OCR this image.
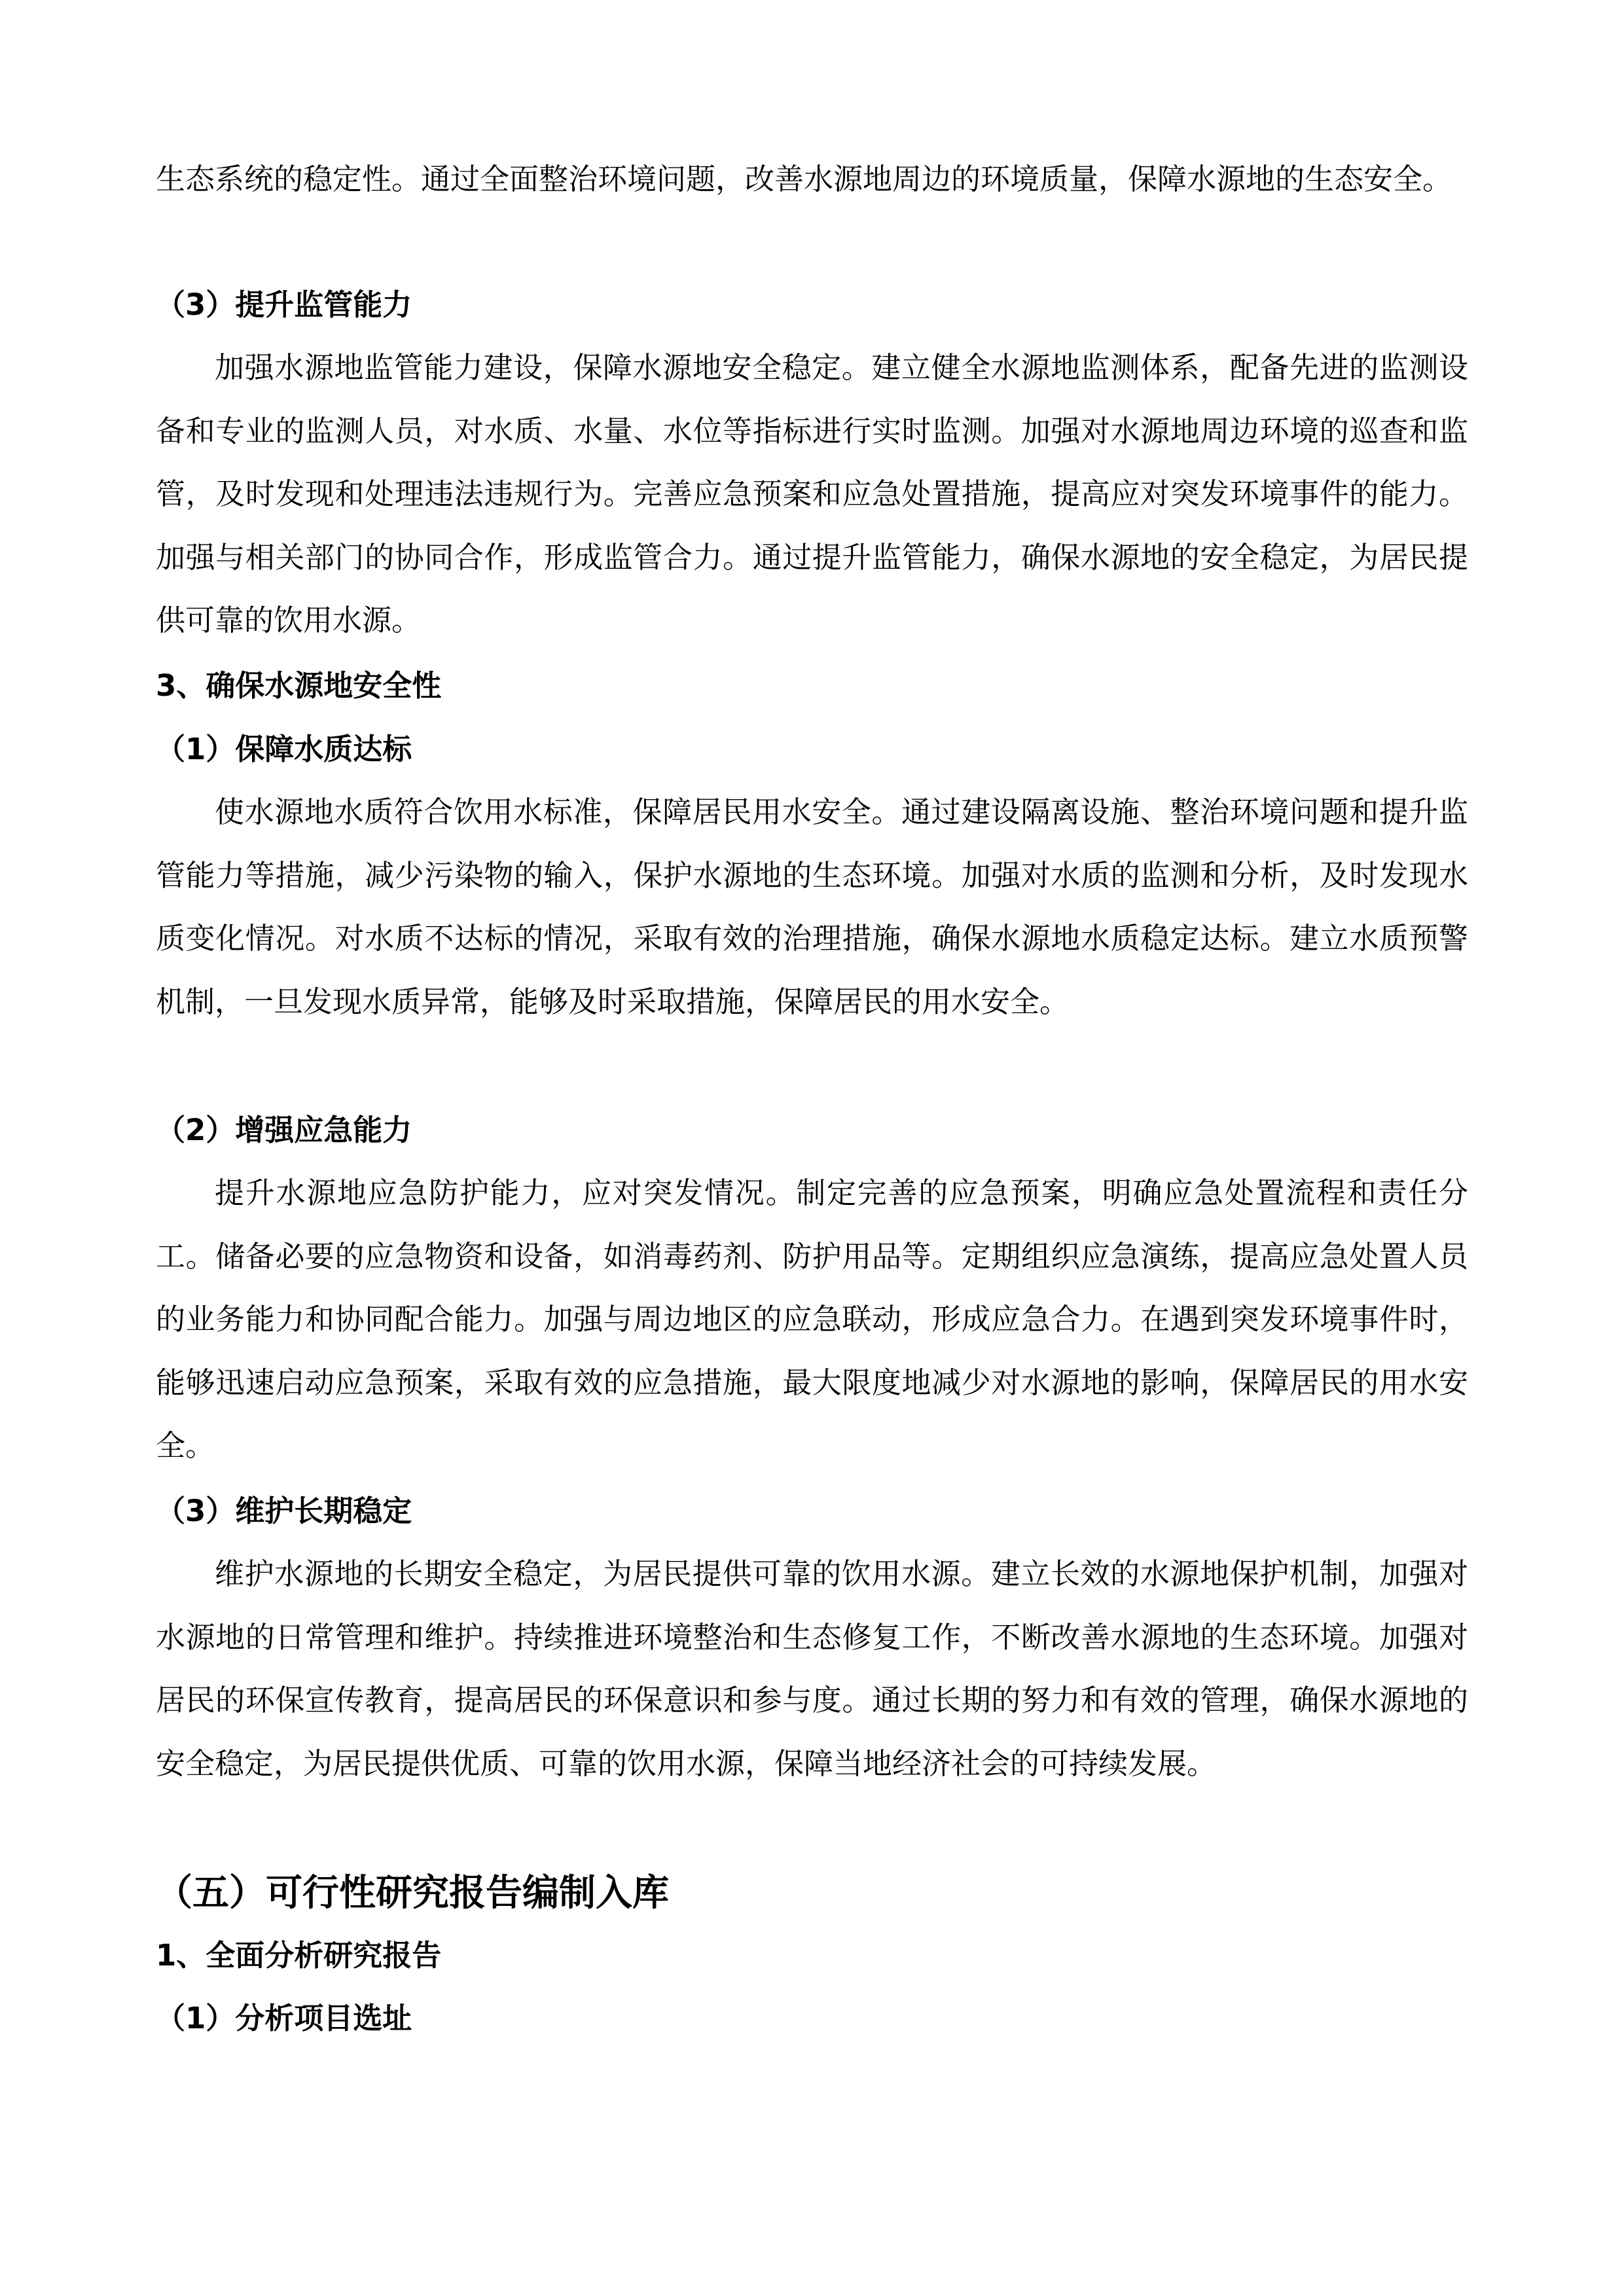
生态系统的稳定性。通过全面整治环境问题，改善水源地周边的环境质量，保障水源地的生态安全。

（3）提升监管能力

加强水源地监管能力建设，保障水源地安全稳定。建立健全水源地监测体系，配备先进的监测设备和专业的监测人员，对水质、水量、水位等指标进行实时监测。加强对水源地周边环境的巡查和监管，及时发现和处理违法违规行为。完善应急预案和应急处置措施，提高应对突发环境事件的能力。加强与相关部门的协同合作，形成监管合力。通过提升监管能力，确保水源地的安全稳定，为居民提供可靠的饮用水源。

3、确保水源地安全性
（1）保障水质达标

使水源地水质符合饮用水标准，保障居民用水安全。通过建设隔离设施、整治环境问题和提升监管能力等措施，减少污染物的输入，保护水源地的生态环境。加强对水质的监测和分析，及时发现水质变化情况。对水质不达标的情况，采取有效的治理措施，确保水源地水质稳定达标。建立水质预警机制，一旦发现水质异常，能够及时采取措施，保障居民的用水安全。

（2）增强应急能力

提升水源地应急防护能力，应对突发情况。制定完善的应急预案，明确应急处置流程和责任分工。储备必要的应急物资和设备，如消毒药剂、防护用品等。定期组织应急演练，提高应急处置人员的业务能力和协同配合能力。加强与周边地区的应急联动，形成应急合力。在遇到突发环境事件时，能够迅速启动应急预案，采取有效的应急措施，最大限度地减少对水源地的影响，保障居民的用水安全。

（3）维护长期稳定

维护水源地的长期安全稳定，为居民提供可靠的饮用水源。建立长效的水源地保护机制，加强对水源地的日常管理和维护。持续推进环境整治和生态修复工作，不断改善水源地的生态环境。加强对居民的环保宣传教育，提高居民的环保意识和参与度。通过长期的努力和有效的管理，确保水源地的安全稳定，为居民提供优质、可靠的饮用水源，保障当地经济社会的可持续发展。

（五）可行性研究报告编制入库
1、全面分析研究报告
（1）分析项目选址
